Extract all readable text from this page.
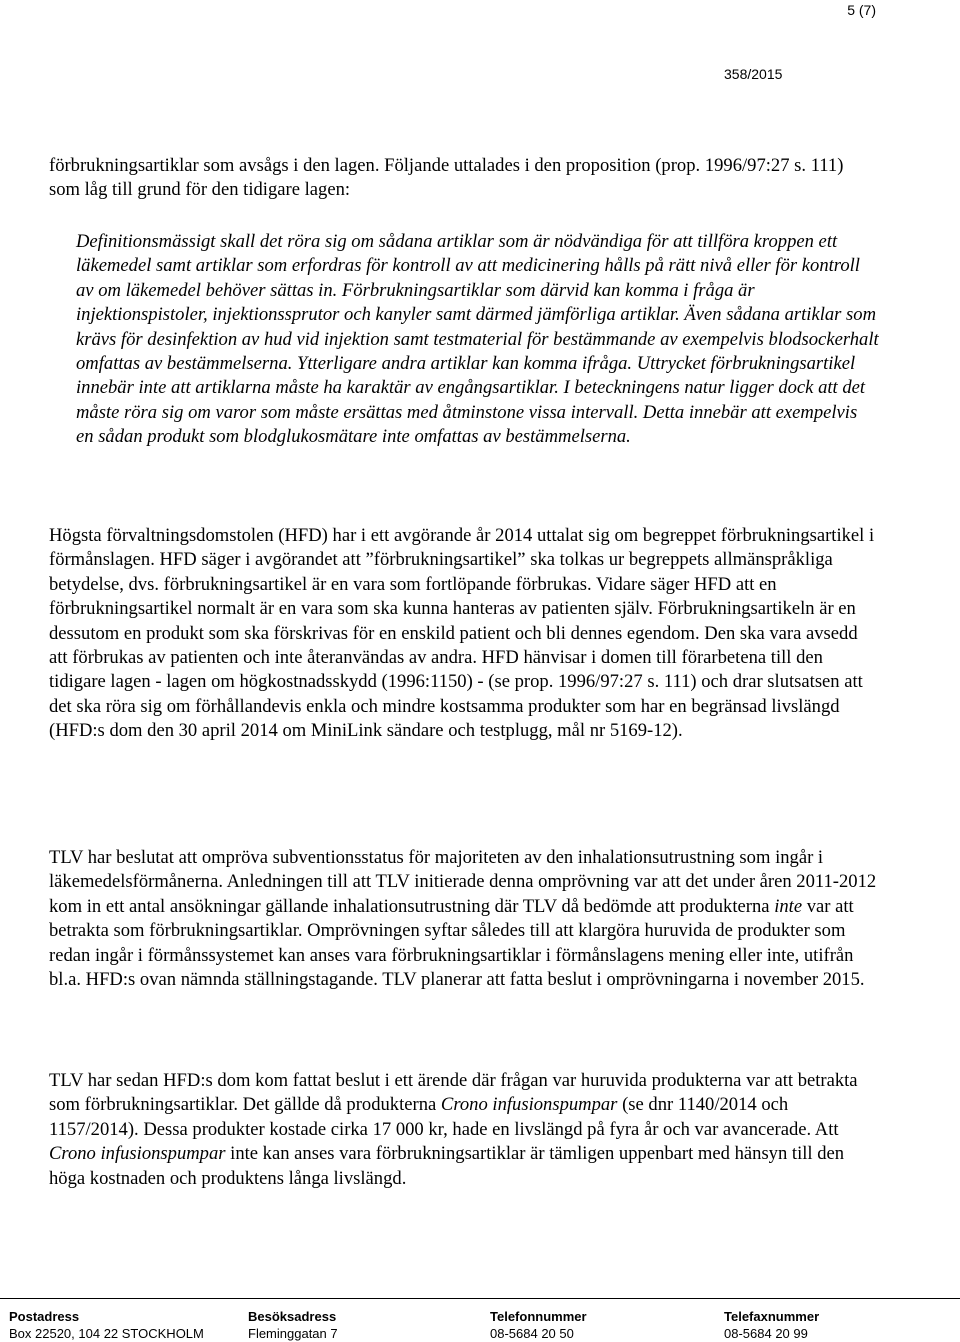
5 (7)
358/2015

förbrukningsartiklar som avsågs i den lagen. Följande uttalades i den proposition (prop. 1996/97:27 s. 111) som låg till grund för den tidigare lagen:

Definitionsmässigt skall det röra sig om sådana artiklar som är nödvändiga för att tillföra kroppen ett läkemedel samt artiklar som erfordras för kontroll av att medicinering hålls på rätt nivå eller för kontroll av om läkemedel behöver sättas in. Förbrukningsartiklar som därvid kan komma i fråga är injektionspistoler, injektionssprutor och kanyler samt därmed jämförliga artiklar. Även sådana artiklar som krävs för desinfektion av hud vid injektion samt testmaterial för bestämmande av exempelvis blodsockerhalt omfattas av bestämmelserna. Ytterligare andra artiklar kan komma ifråga. Uttrycket förbrukningsartikel innebär inte att artiklarna måste ha karaktär av engångsartiklar. I beteckningens natur ligger dock att det måste röra sig om varor som måste ersättas med åtminstone vissa intervall. Detta innebär att exempelvis en sådan produkt som blodglukosmätare inte omfattas av bestämmelserna.

Högsta förvaltningsdomstolen (HFD) har i ett avgörande år 2014 uttalat sig om begreppet förbrukningsartikel i förmånslagen. HFD säger i avgörandet att ”förbrukningsartikel” ska tolkas ur begreppets allmänspråkliga betydelse, dvs. förbrukningsartikel är en vara som fortlöpande förbrukas. Vidare säger HFD att en förbrukningsartikel normalt är en vara som ska kunna hanteras av patienten själv. Förbrukningsartikeln är en dessutom en produkt som ska förskrivas för en enskild patient och bli dennes egendom. Den ska vara avsedd att förbrukas av patienten och inte återanvändas av andra. HFD hänvisar i domen till förarbetena till den tidigare lagen - lagen om högkostnadsskydd (1996:1150) - (se prop. 1996/97:27 s. 111) och drar slutsatsen att det ska röra sig om förhållandevis enkla och mindre kostsamma produkter som har en begränsad livslängd (HFD:s dom den 30 april 2014 om MiniLink sändare och testplugg, mål nr 5169-12).

TLV har beslutat att ompröva subventionsstatus för majoriteten av den inhalationsutrustning som ingår i läkemedelsförmånerna. Anledningen till att TLV initierade denna omprövning var att det under åren 2011-2012 kom in ett antal ansökningar gällande inhalationsutrustning där TLV då bedömde att produkterna inte var att betrakta som förbrukningsartiklar. Omprövningen syftar således till att klargöra huruvida de produkter som redan ingår i förmånssystemet kan anses vara förbrukningsartiklar i förmånslagens mening eller inte, utifrån bl.a. HFD:s ovan nämnda ställningstagande. TLV planerar att fatta beslut i omprövningarna i november 2015.

TLV har sedan HFD:s dom kom fattat beslut i ett ärende där frågan var huruvida produkterna var att betrakta som förbrukningsartiklar. Det gällde då produkterna Crono infusionspumpar (se dnr 1140/2014 och 1157/2014). Dessa produkter kostade cirka 17 000 kr, hade en livslängd på fyra år och var avancerade. Att Crono infusionspumpar inte kan anses vara förbrukningsartiklar är tämligen uppenbart med hänsyn till den höga kostnaden och produktens långa livslängd.

Postadress
Box 22520, 104 22 STOCKHOLM
Besöksadress
Fleminggatan 7
Telefonnummer
08-5684 20 50
Telefaxnummer
08-5684 20 99
